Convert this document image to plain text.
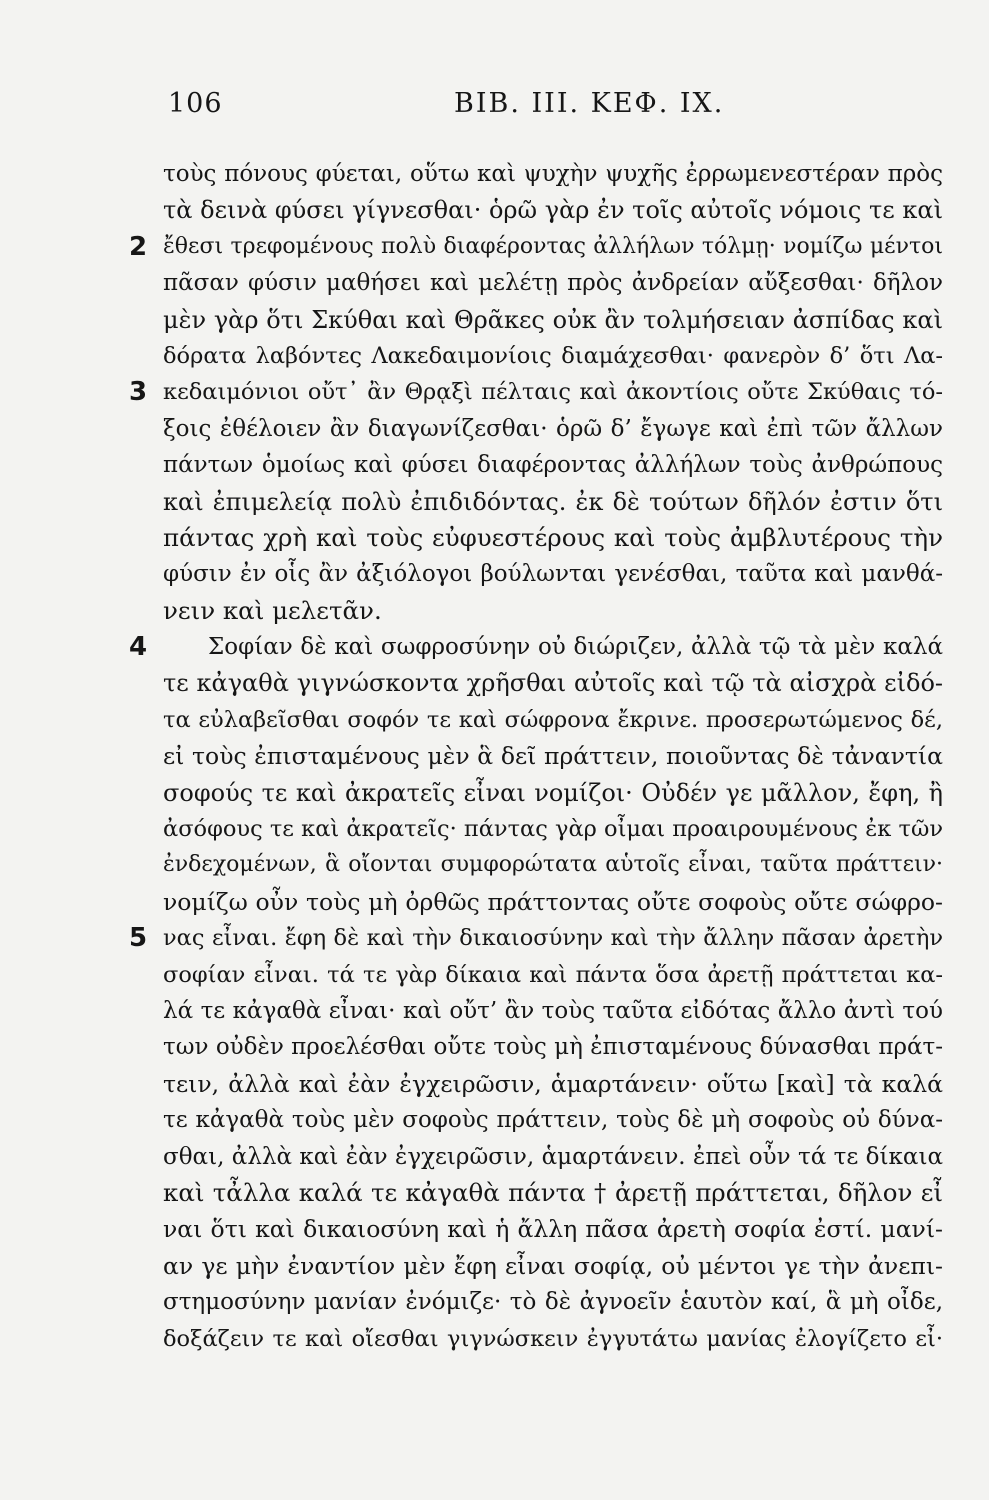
106	ΒΙΒ. ΙΙΙ. ΚΕΦ. ΙΧ.
τοὺς πόνους φύεται, οὕτω καὶ ψυχὴν ψυχῆς ἐρρωμενεστέραν πρὸς
τὰ δεινὰ φύσει γίγνεσθαι· ὁρῶ γὰρ ἐν τοῖς αὐτοῖς νόμοις τε καὶ
2 ἔθεσι τρεφομένους πολὺ διαφέροντας ἀλλήλων τόλμῃ· νομίζω μέντοι
πᾶσαν φύσιν μαθήσει καὶ μελέτῃ πρὸς ἀνδρείαν αὔξεσθαι· δῆλον
μὲν γὰρ ὅτι Σκύθαι καὶ Θρᾶκες οὐκ ἂν τολμήσειαν ἀσπίδας καὶ
δόρατα λαβόντες Λακεδαιμονίοις διαμάχεσθαι· φανερὸν δ’ ὅτι Λα-
3 κεδαιμόνιοι οὔτ᾽ ἂν Θρᾳξὶ πέλταις καὶ ἀκοντίοις οὔτε Σκύθαις τό-
ξοις ἐθέλοιεν ἂν διαγωνίζεσθαι· ὁρῶ δ’ ἔγωγε καὶ ἐπὶ τῶν ἄλλων
πάντων ὁμοίως καὶ φύσει διαφέροντας ἀλλήλων τοὺς ἀνθρώπους
καὶ ἐπιμελείᾳ πολὺ ἐπιδιδόντας. ἐκ δὲ τούτων δῆλόν ἐστιν ὅτι
πάντας χρὴ καὶ τοὺς εὐφυεστέρους καὶ τοὺς ἀμβλυτέρους τὴν
φύσιν ἐν οἷς ἂν ἀξιόλογοι βούλωνται γενέσθαι, ταῦτα καὶ μανθά-
νειν καὶ μελετᾶν.
4	Σοφίαν δὲ καὶ σωφροσύνην οὐ διώριζεν, ἀλλὰ τῷ τὰ μὲν καλά
τε κἀγαθὰ γιγνώσκοντα χρῆσθαι αὐτοῖς καὶ τῷ τὰ αἰσχρὰ εἰδό-
τα εὐλαβεῖσθαι σοφόν τε καὶ σώφρονα ἔκρινε. προσερωτώμενος δέ,
εἰ τοὺς ἐπισταμένους μὲν ἃ δεῖ πράττειν, ποιοῦντας δὲ τἀναντία
σοφούς τε καὶ ἀκρατεῖς εἶναι νομίζοι· Οὐδέν γε μᾶλλον, ἔφη, ἢ
ἀσόφους τε καὶ ἀκρατεῖς· πάντας γὰρ οἶμαι προαιρουμένους ἐκ τῶν
ἐνδεχομένων, ἃ οἴονται συμφορώτατα αὑτοῖς εἶναι, ταῦτα πράττειν·
νομίζω οὖν τοὺς μὴ ὀρθῶς πράττοντας οὔτε σοφοὺς οὔτε σώφρο-
5 νας εἶναι. ἔφη δὲ καὶ τὴν δικαιοσύνην καὶ τὴν ἄλλην πᾶσαν ἀρετὴν
σοφίαν εἶναι. τά τε γὰρ δίκαια καὶ πάντα ὅσα ἀρετῇ πράττεται κα-
λά τε κἀγαθὰ εἶναι· καὶ οὔτ’ ἂν τοὺς ταῦτα εἰδότας ἄλλο ἀντὶ τού
των οὐδὲν προελέσθαι οὔτε τοὺς μὴ ἐπισταμένους δύνασθαι πράτ-
τειν, ἀλλὰ καὶ ἐὰν ἐγχειρῶσιν, ἁμαρτάνειν· οὕτω [καὶ] τὰ καλά
τε κἀγαθὰ τοὺς μὲν σοφοὺς πράττειν, τοὺς δὲ μὴ σοφοὺς οὐ δύνα-
σθαι, ἀλλὰ καὶ ἐὰν ἐγχειρῶσιν, ἁμαρτάνειν. ἐπεὶ οὖν τά τε δίκαια
καὶ τἆλλα καλά τε κἀγαθὰ πάντα † ἀρετῇ πράττεται, δῆλον εἶ
ναι ὅτι καὶ δικαιοσύνη καὶ ἡ ἄλλη πᾶσα ἀρετὴ σοφία ἐστί. μανί-
αν γε μὴν ἐναντίον μὲν ἔφη εἶναι σοφίᾳ, οὐ μέντοι γε τὴν ἀνεπι-
στημοσύνην μανίαν ἐνόμιζε· τὸ δὲ ἀγνοεῖν ἑαυτὸν καί, ἃ μὴ οἶδε,
δοξάζειν τε καὶ οἴεσθαι γιγνώσκειν ἐγγυτάτω μανίας ἐλογίζετο εἶ·
